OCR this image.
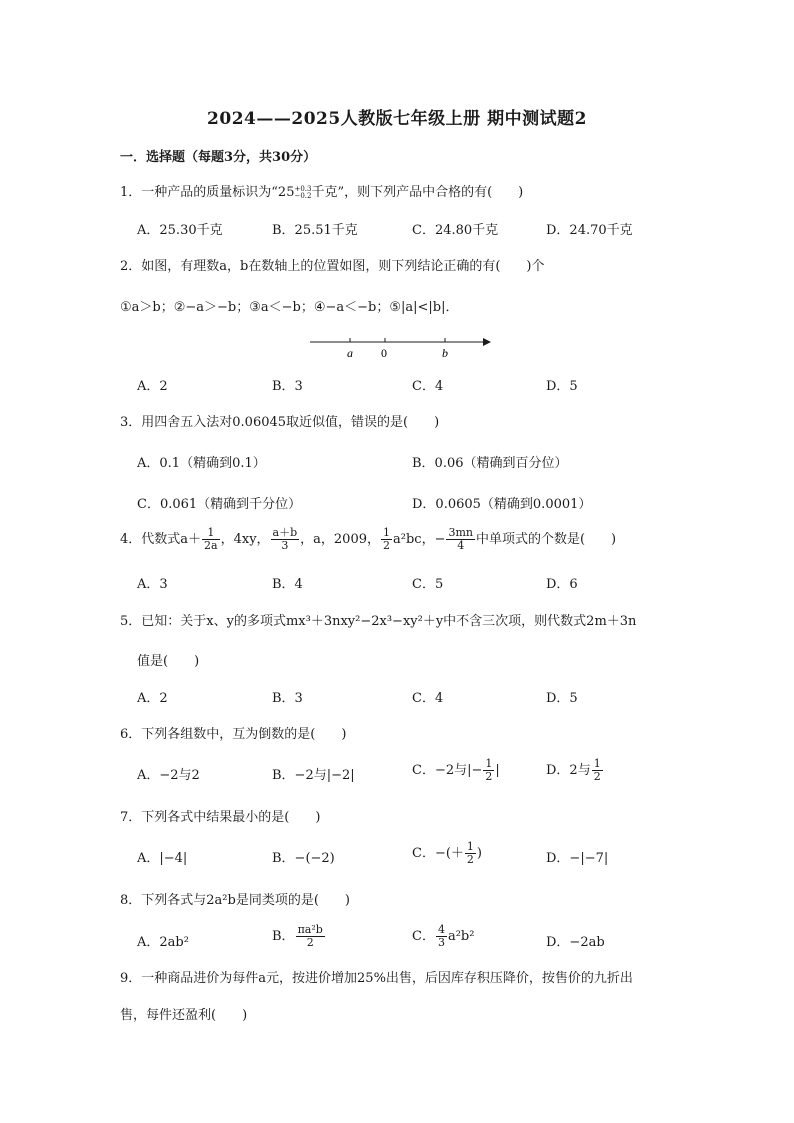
2024——2025人教版七年级上册 期中测试题2
一．选择题（每题3分，共30分）
1．一种产品的质量标识为“25 +0.3
−0.2 千克”，则下列产品中合格的有(　　)
A．25.30千克	B．25.51千克	C．24.80千克	D．24.70千克
2．如图，有理数a，b在数轴上的位置如图，则下列结论正确的有(　　)个
①a＞b；②−a＞−b；③a＜−b；④−a＜−b；⑤|a|<|b|．
a 0	b
A．2	B．3	C．4	D．5
3．用四舍五入法对0.06045取近似值，错误的是(　　)
A．0.1（精确到0.1）	B．0.06（精确到百分位）
C．0.061（精确到千分位）	D．0.0605（精确到0.0001）
4．代数式$a+ \frac{1}{2a}$ ，4xy， $\frac{a+b}{3}$ ，a，2009， $\frac{1}{2} a^2bc$，− $\frac{3mn}{4}$ 中单项式的个数是(　　)
A．3	B．4	C．5	D．6
5．已知：关于x、y的多项式mx³＋3nxy²−2x³−xy²＋y中不含三次项，则代数式2m＋3n
值是(　　)
A．2	B．3	C．4	D．5
6．下列各组数中，互为倒数的是(　　)
A．−2与2	B．−2与|−2|	C．−2与|− $\frac{1}{2}$ |	D．2与 $\frac{1}{2}$
7．下列各式中结果最小的是(　　)
A．|−4|	B．−(−2)	C．−(＋ $\frac{1}{2}$ )	D．−|−7|
8．下列各式与2a²b是同类项的是(　　)
A．2ab²	B． $\frac{\text{πa²b}}{2}$	C． $\frac{4}{3} a^2b^2$	D．−2ab
9．一种商品进价为每件a元，按进价增加25%出售，后因库存积压降价，按售价的九折出
售，每件还盈利(　　)
